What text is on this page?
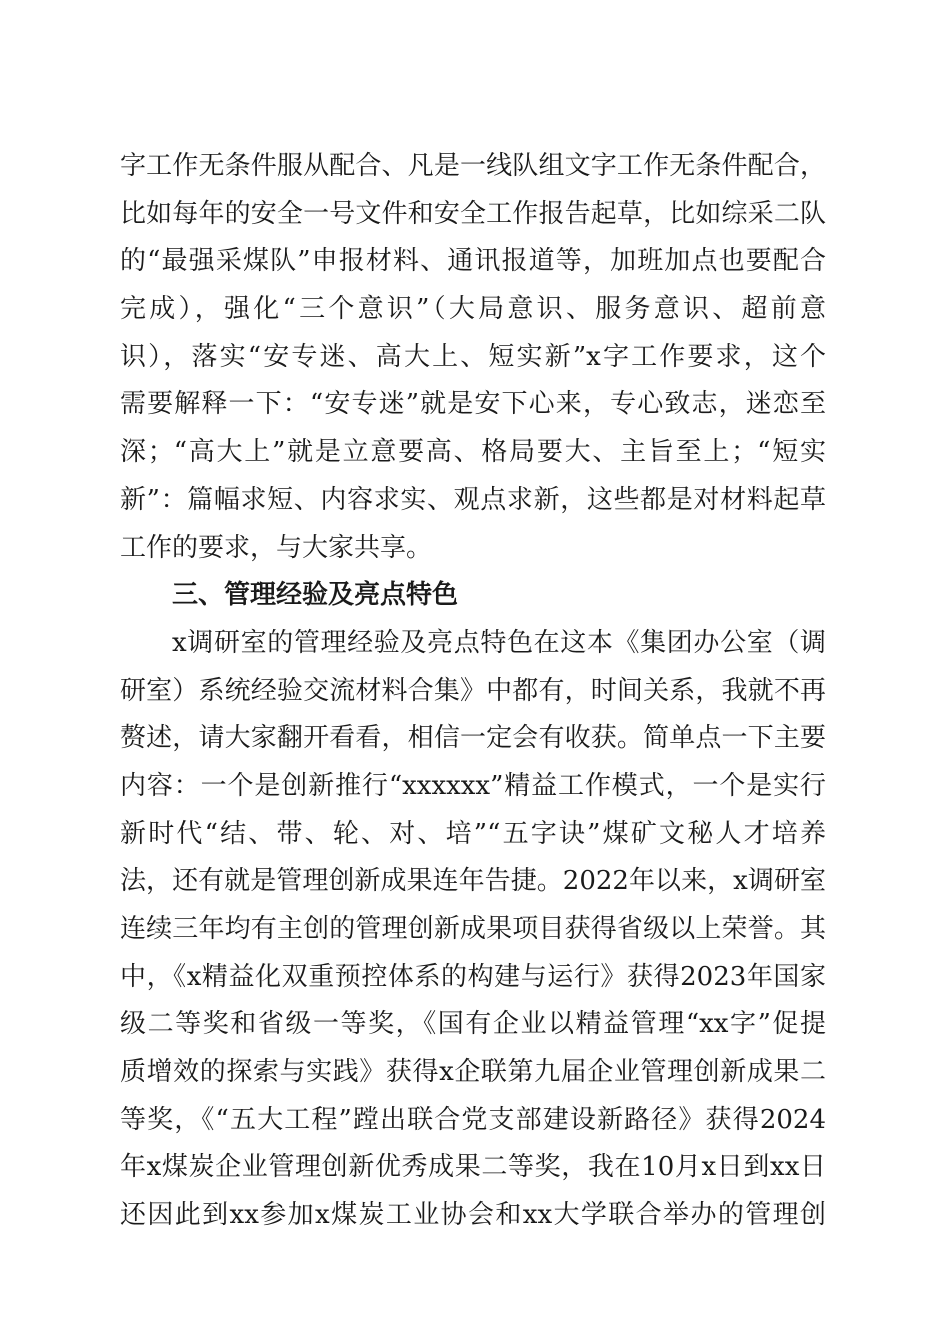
字工作无条件服从配合、凡是一线队组文字工作无条件配合，
比如每年的安全一号文件和安全工作报告起草，比如综采二队
的“最强采煤队”申报材料、通讯报道等，加班加点也要配合
完成），强化“三个意识”（大局意识、服务意识、超前意
识），落实“安专迷、高大上、短实新”x字工作要求，这个
需要解释一下：“安专迷”就是安下心来，专心致志，迷恋至
深；“高大上”就是立意要高、格局要大、主旨至上；“短实
新”：篇幅求短、内容求实、观点求新，这些都是对材料起草
工作的要求，与大家共享。
三、管理经验及亮点特色
x调研室的管理经验及亮点特色在这本《集团办公室（调
研室）系统经验交流材料合集》中都有，时间关系，我就不再
赘述，请大家翻开看看，相信一定会有收获。简单点一下主要
内容：一个是创新推行“xxxxxx”精益工作模式，一个是实行
新时代“结、带、轮、对、培”“五字诀”煤矿文秘人才培养
法，还有就是管理创新成果连年告捷。2022年以来，x调研室
连续三年均有主创的管理创新成果项目获得省级以上荣誉。其
中，《x精益化双重预控体系的构建与运行》获得2023年国家
级二等奖和省级一等奖，《国有企业以精益管理“xx字”促提
质增效的探索与实践》获得x企联第九届企业管理创新成果二
等奖，《“五大工程”蹚出联合党支部建设新路径》获得2024
年x煤炭企业管理创新优秀成果二等奖，我在10月x日到xx日
还因此到xx参加x煤炭工业协会和xx大学联合举办的管理创
